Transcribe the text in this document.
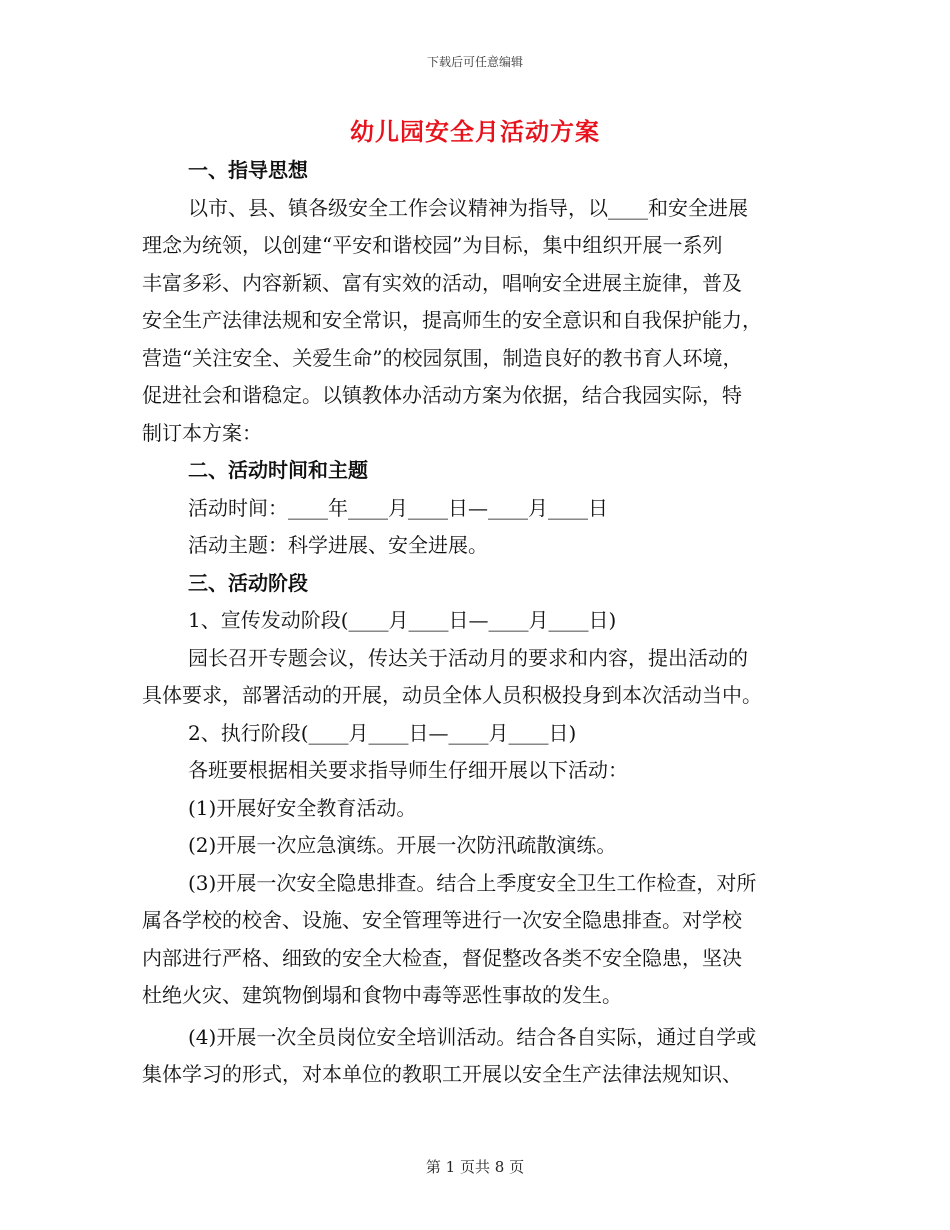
下载后可任意编辑
幼儿园安全月活动方案

一、指导思想

以市、县、镇各级安全工作会议精神为指导，以____和安全进展

理念为统领，以创建“平安和谐校园”为目标，集中组织开展一系列

丰富多彩、内容新颖、富有实效的活动，唱响安全进展主旋律，普及

安全生产法律法规和安全常识，提高师生的安全意识和自我保护能力，

营造“关注安全、关爱生命”的校园氛围，制造良好的教书育人环境，

促进社会和谐稳定。以镇教体办活动方案为依据，结合我园实际，特

制订本方案：

二、活动时间和主题

活动时间：____年____月____日—____月____日

活动主题：科学进展、安全进展。

三、活动阶段

1、宣传发动阶段(____月____日—____月____日)

园长召开专题会议，传达关于活动月的要求和内容，提出活动的

具体要求，部署活动的开展，动员全体人员积极投身到本次活动当中。

2、执行阶段(____月____日—____月____日)

各班要根据相关要求指导师生仔细开展以下活动：

(1)开展好安全教育活动。

(2)开展一次应急演练。开展一次防汛疏散演练。

(3)开展一次安全隐患排查。结合上季度安全卫生工作检查，对所

属各学校的校舍、设施、安全管理等进行一次安全隐患排查。对学校

内部进行严格、细致的安全大检查，督促整改各类不安全隐患，坚决

杜绝火灾、建筑物倒塌和食物中毒等恶性事故的发生。

(4)开展一次全员岗位安全培训活动。结合各自实际，通过自学或

集体学习的形式，对本单位的教职工开展以安全生产法律法规知识、

第 1 页共 8 页
